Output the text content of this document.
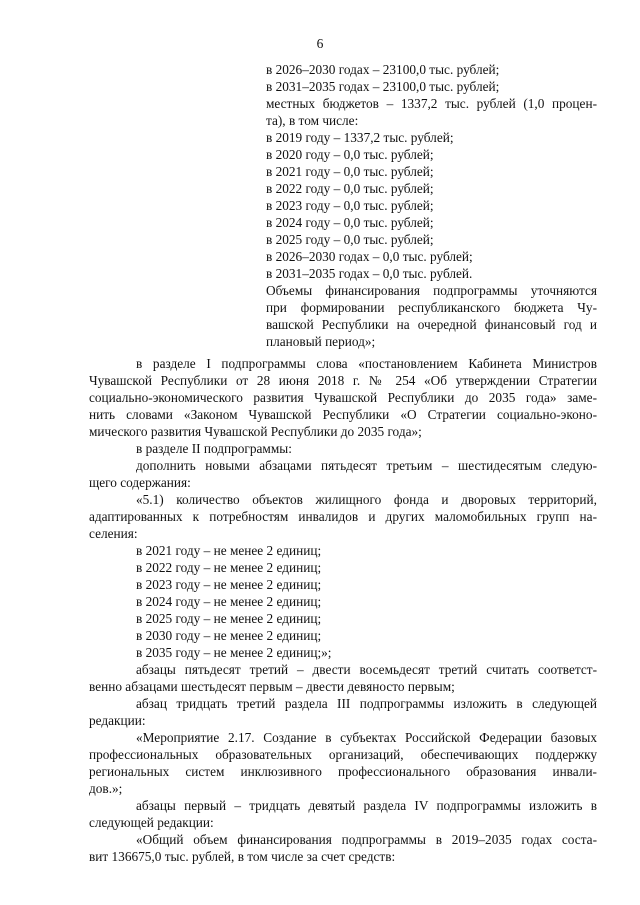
6
в 2026–2030 годах – 23100,0 тыс. рублей;
в 2031–2035 годах – 23100,0 тыс. рублей;
местных бюджетов – 1337,2 тыс. рублей (1,0 процен-
та), в том числе:
в 2019 году – 1337,2 тыс. рублей;
в 2020 году – 0,0 тыс. рублей;
в 2021 году – 0,0 тыс. рублей;
в 2022 году – 0,0 тыс. рублей;
в 2023 году – 0,0 тыс. рублей;
в 2024 году – 0,0 тыс. рублей;
в 2025 году – 0,0 тыс. рублей;
в 2026–2030 годах – 0,0 тыс. рублей;
в 2031–2035 годах – 0,0 тыс. рублей.
Объемы финансирования подпрограммы уточняются
при формировании республиканского бюджета Чу-
вашской Республики на очередной финансовый год и
плановый период»;
в разделе I подпрограммы слова «постановлением Кабинета Министров
Чувашской Республики от 28 июня 2018 г. № 254 «Об утверждении Стратегии
социально-экономического развития Чувашской Республики до 2035 года» заме-
нить словами «Законом Чувашской Республики «О Стратегии социально-эконо-
мического развития Чувашской Республики до 2035 года»;
в разделе II подпрограммы:
дополнить новыми абзацами пятьдесят третьим – шестидесятым следую-
щего содержания:
«5.1) количество объектов жилищного фонда и дворовых территорий,
адаптированных к потребностям инвалидов и других маломобильных групп на-
селения:
в 2021 году – не менее 2 единиц;
в 2022 году – не менее 2 единиц;
в 2023 году – не менее 2 единиц;
в 2024 году – не менее 2 единиц;
в 2025 году – не менее 2 единиц;
в 2030 году – не менее 2 единиц;
в 2035 году – не менее 2 единиц;»;
абзацы пятьдесят третий – двести восемьдесят третий считать соответст-
венно абзацами шестьдесят первым – двести девяносто первым;
абзац тридцать третий раздела III подпрограммы изложить в следующей
редакции:
«Мероприятие 2.17. Создание в субъектах Российской Федерации базовых
профессиональных образовательных организаций, обеспечивающих поддержку
региональных систем инклюзивного профессионального образования инвали-
дов.»;
абзацы первый – тридцать девятый раздела IV подпрограммы изложить в
следующей редакции:
«Общий объем финансирования подпрограммы в 2019–2035 годах соста-
вит 136675,0 тыс. рублей, в том числе за счет средств:
